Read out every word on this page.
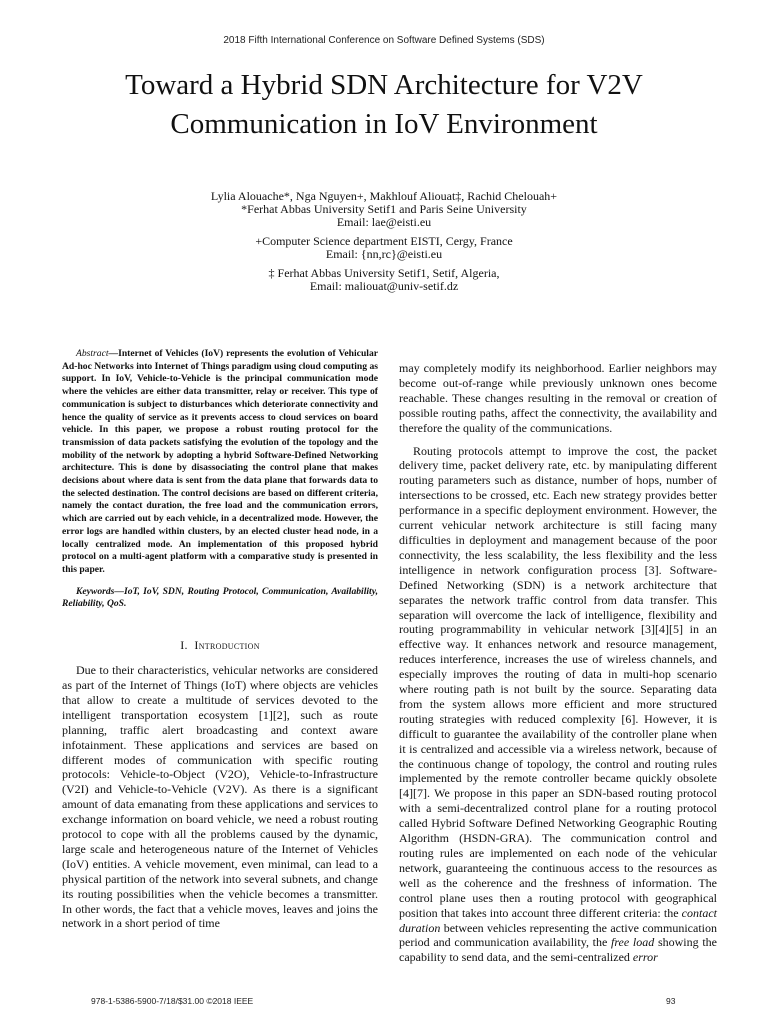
2018 Fifth International Conference on Software Defined Systems (SDS)
Toward a Hybrid SDN Architecture for V2V
Communication in IoV Environment

Lylia Alouache*, Nga Nguyen+, Makhlouf Aliouat‡, Rachid Chelouah+

*Ferhat Abbas University Setif1 and Paris Seine University

Email: lae@eisti.eu

+Computer Science department EISTI, Cergy, France

Email: {nn,rc}@eisti.eu

‡ Ferhat Abbas University Setif1, Setif, Algeria,

Email: maliouat@univ-setif.dz

Abstract—Internet of Vehicles (IoV) represents the evolution of Vehicular Ad-hoc Networks into Internet of Things paradigm using cloud computing as support. In IoV, Vehicle-to-Vehicle is the principal communication mode where the vehicles are either data transmitter, relay or receiver. This type of communication is subject to disturbances which deteriorate connectivity and hence the quality of service as it prevents access to cloud services on board vehicle. In this paper, we propose a robust routing protocol for the transmission of data packets satisfying the evolution of the topology and the mobility of the network by adopting a hybrid Software-Defined Networking architecture. This is done by disassociating the control plane that makes decisions about where data is sent from the data plane that forwards data to the selected destination. The control decisions are based on different criteria, namely the contact duration, the free load and the communication errors, which are carried out by each vehicle, in a decentralized mode. However, the error logs are handled within clusters, by an elected cluster head node, in a locally centralized mode. An implementation of this proposed hybrid protocol on a multi-agent platform with a comparative study is presented in this paper.

Keywords—IoT, IoV, SDN, Routing Protocol, Communication, Availability, Reliability, QoS.

I. Introduction

Due to their characteristics, vehicular networks are considered as part of the Internet of Things (IoT) where objects are vehicles that allow to create a multitude of services devoted to the intelligent transportation ecosystem [1][2], such as route planning, traffic alert broadcasting and context aware infotainment. These applications and services are based on different modes of communication with specific routing protocols: Vehicle-to-Object (V2O), Vehicle-to-Infrastructure (V2I) and Vehicle-to-Vehicle (V2V). As there is a significant amount of data emanating from these applications and services to exchange information on board vehicle, we need a robust routing protocol to cope with all the problems caused by the dynamic, large scale and heterogeneous nature of the Internet of Vehicles (IoV) entities. A vehicle movement, even minimal, can lead to a physical partition of the network into several subnets, and change its routing possibilities when the vehicle becomes a transmitter. In other words, the fact that a vehicle moves, leaves and joins the network in a short period of time

may completely modify its neighborhood. Earlier neighbors may become out-of-range while previously unknown ones become reachable. These changes resulting in the removal or creation of possible routing paths, affect the connectivity, the availability and therefore the quality of the communications.

Routing protocols attempt to improve the cost, the packet delivery time, packet delivery rate, etc. by manipulating different routing parameters such as distance, number of hops, number of intersections to be crossed, etc. Each new strategy provides better performance in a specific deployment environment. However, the current vehicular network architecture is still facing many difficulties in deployment and management because of the poor connectivity, the less scalability, the less flexibility and the less intelligence in network configuration process [3]. Software-Defined Networking (SDN) is a network architecture that separates the network traffic control from data transfer. This separation will overcome the lack of intelligence, flexibility and routing programmability in vehicular network [3][4][5] in an effective way. It enhances network and resource management, reduces interference, increases the use of wireless channels, and especially improves the routing of data in multi-hop scenario where routing path is not built by the source. Separating data from the system allows more efficient and more structured routing strategies with reduced complexity [6]. However, it is difficult to guarantee the availability of the controller plane when it is centralized and accessible via a wireless network, because of the continuous change of topology, the control and routing rules implemented by the remote controller became quickly obsolete [4][7]. We propose in this paper an SDN-based routing protocol with a semi-decentralized control plane for a routing protocol called Hybrid Software Defined Networking Geographic Routing Algorithm (HSDN-GRA). The communication control and routing rules are implemented on each node of the vehicular network, guaranteeing the continuous access to the resources as well as the coherence and the freshness of information. The control plane uses then a routing protocol with geographical position that takes into account three different criteria: the contact duration between vehicles representing the active communication period and communication availability, the free load showing the capability to send data, and the semi-centralized error

978-1-5386-5900-7/18/$31.00 ©2018 IEEE	93
